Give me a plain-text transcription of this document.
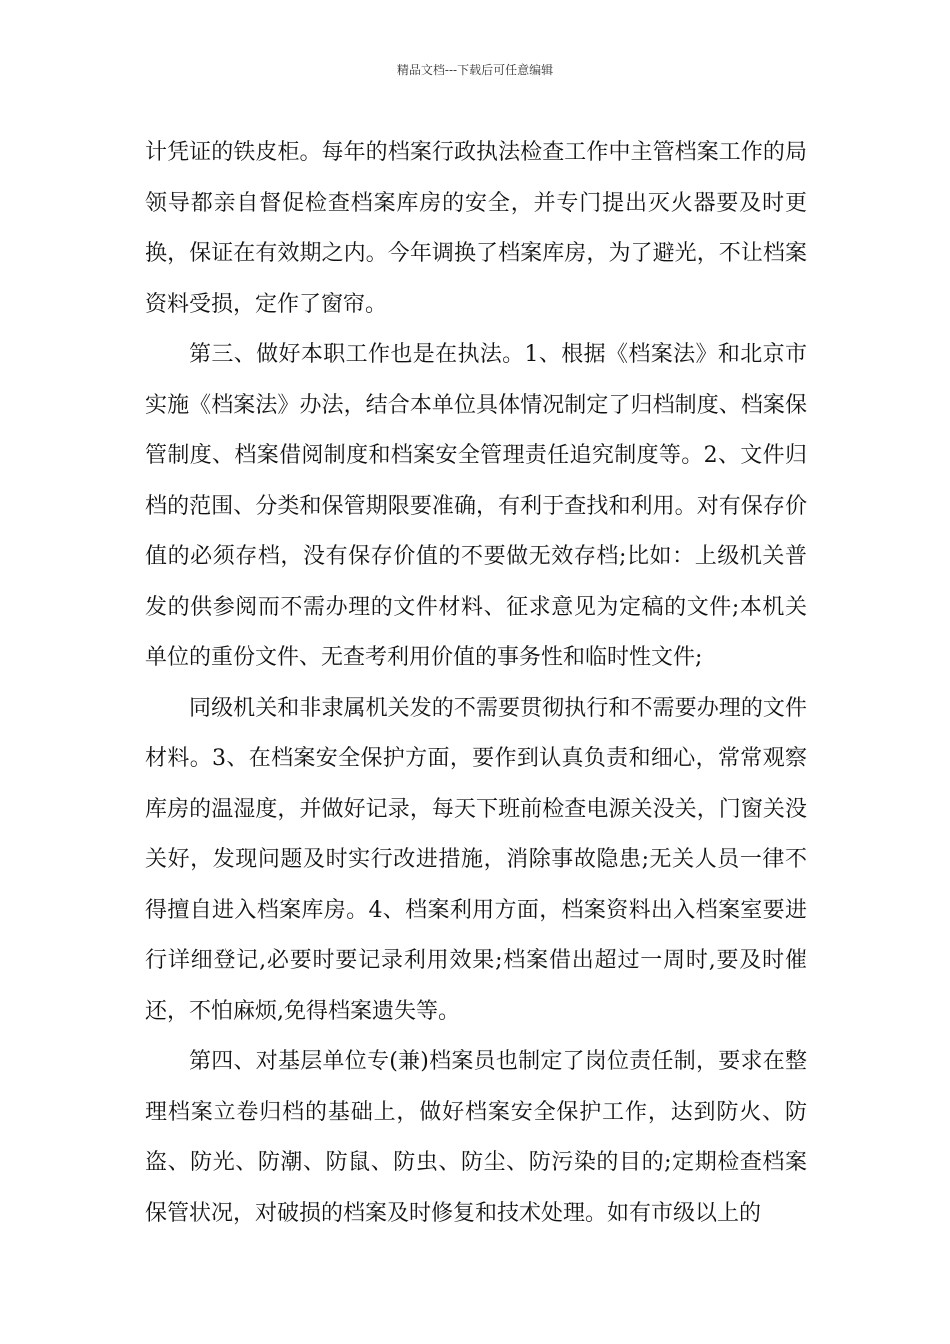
精品文档---下载后可任意编辑

计凭证的铁皮柜。每年的档案行政执法检查工作中主管档案工作的局领导都亲自督促检查档案库房的安全，并专门提出灭火器要及时更换，保证在有效期之内。今年调换了档案库房，为了避光，不让档案资料受损，定作了窗帘。

第三、做好本职工作也是在执法。1、根据《档案法》和北京市实施《档案法》办法，结合本单位具体情况制定了归档制度、档案保管制度、档案借阅制度和档案安全管理责任追究制度等。2、文件归档的范围、分类和保管期限要准确，有利于查找和利用。对有保存价值的必须存档，没有保存价值的不要做无效存档;比如：上级机关普发的供参阅而不需办理的文件材料、征求意见为定稿的文件;本机关单位的重份文件、无查考利用价值的事务性和临时性文件;

同级机关和非隶属机关发的不需要贯彻执行和不需要办理的文件材料。3、在档案安全保护方面，要作到认真负责和细心，常常观察库房的温湿度，并做好记录，每天下班前检查电源关没关，门窗关没关好，发现问题及时实行改进措施，消除事故隐患;无关人员一律不得擅自进入档案库房。4、档案利用方面，档案资料出入档案室要进行详细登记,必要时要记录利用效果;档案借出超过一周时,要及时催还，不怕麻烦,免得档案遗失等。

第四、对基层单位专(兼)档案员也制定了岗位责任制，要求在整理档案立卷归档的基础上，做好档案安全保护工作，达到防火、防盗、防光、防潮、防鼠、防虫、防尘、防污染的目的;定期检查档案保管状况，对破损的档案及时修复和技术处理。如有市级以上的
